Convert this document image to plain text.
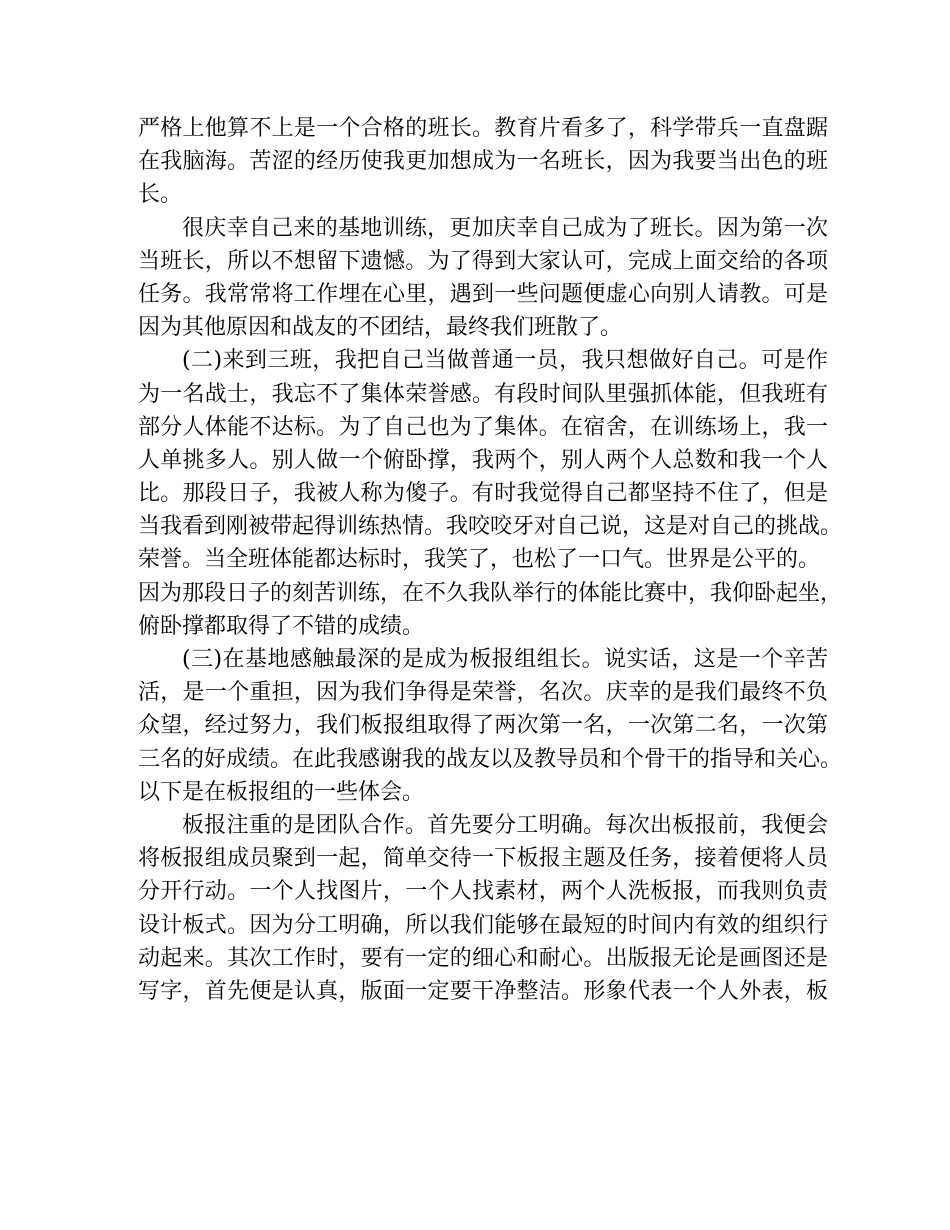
严格上他算不上是一个合格的班长。教育片看多了，科学带兵一直盘踞
在我脑海。苦涩的经历使我更加想成为一名班长，因为我要当出色的班
长。
很庆幸自己来的基地训练，更加庆幸自己成为了班长。因为第一次
当班长，所以不想留下遗憾。为了得到大家认可，完成上面交给的各项
任务。我常常将工作埋在心里，遇到一些问题便虚心向别人请教。可是
因为其他原因和战友的不团结，最终我们班散了。
(二)来到三班，我把自己当做普通一员，我只想做好自己。可是作
为一名战士，我忘不了集体荣誉感。有段时间队里强抓体能，但我班有
部分人体能不达标。为了自己也为了集体。在宿舍，在训练场上，我一
人单挑多人。别人做一个俯卧撑，我两个，别人两个人总数和我一个人
比。那段日子，我被人称为傻子。有时我觉得自己都坚持不住了，但是
当我看到刚被带起得训练热情。我咬咬牙对自己说，这是对自己的挑战。
荣誉。当全班体能都达标时，我笑了，也松了一口气。世界是公平的。
因为那段日子的刻苦训练，在不久我队举行的体能比赛中，我仰卧起坐，
俯卧撑都取得了不错的成绩。
(三)在基地感触最深的是成为板报组组长。说实话，这是一个辛苦
活，是一个重担，因为我们争得是荣誉，名次。庆幸的是我们最终不负
众望，经过努力，我们板报组取得了两次第一名，一次第二名，一次第
三名的好成绩。在此我感谢我的战友以及教导员和个骨干的指导和关心。
以下是在板报组的一些体会。
板报注重的是团队合作。首先要分工明确。每次出板报前，我便会
将板报组成员聚到一起，简单交待一下板报主题及任务，接着便将人员
分开行动。一个人找图片，一个人找素材，两个人洗板报，而我则负责
设计板式。因为分工明确，所以我们能够在最短的时间内有效的组织行
动起来。其次工作时，要有一定的细心和耐心。出版报无论是画图还是
写字，首先便是认真，版面一定要干净整洁。形象代表一个人外表，板
